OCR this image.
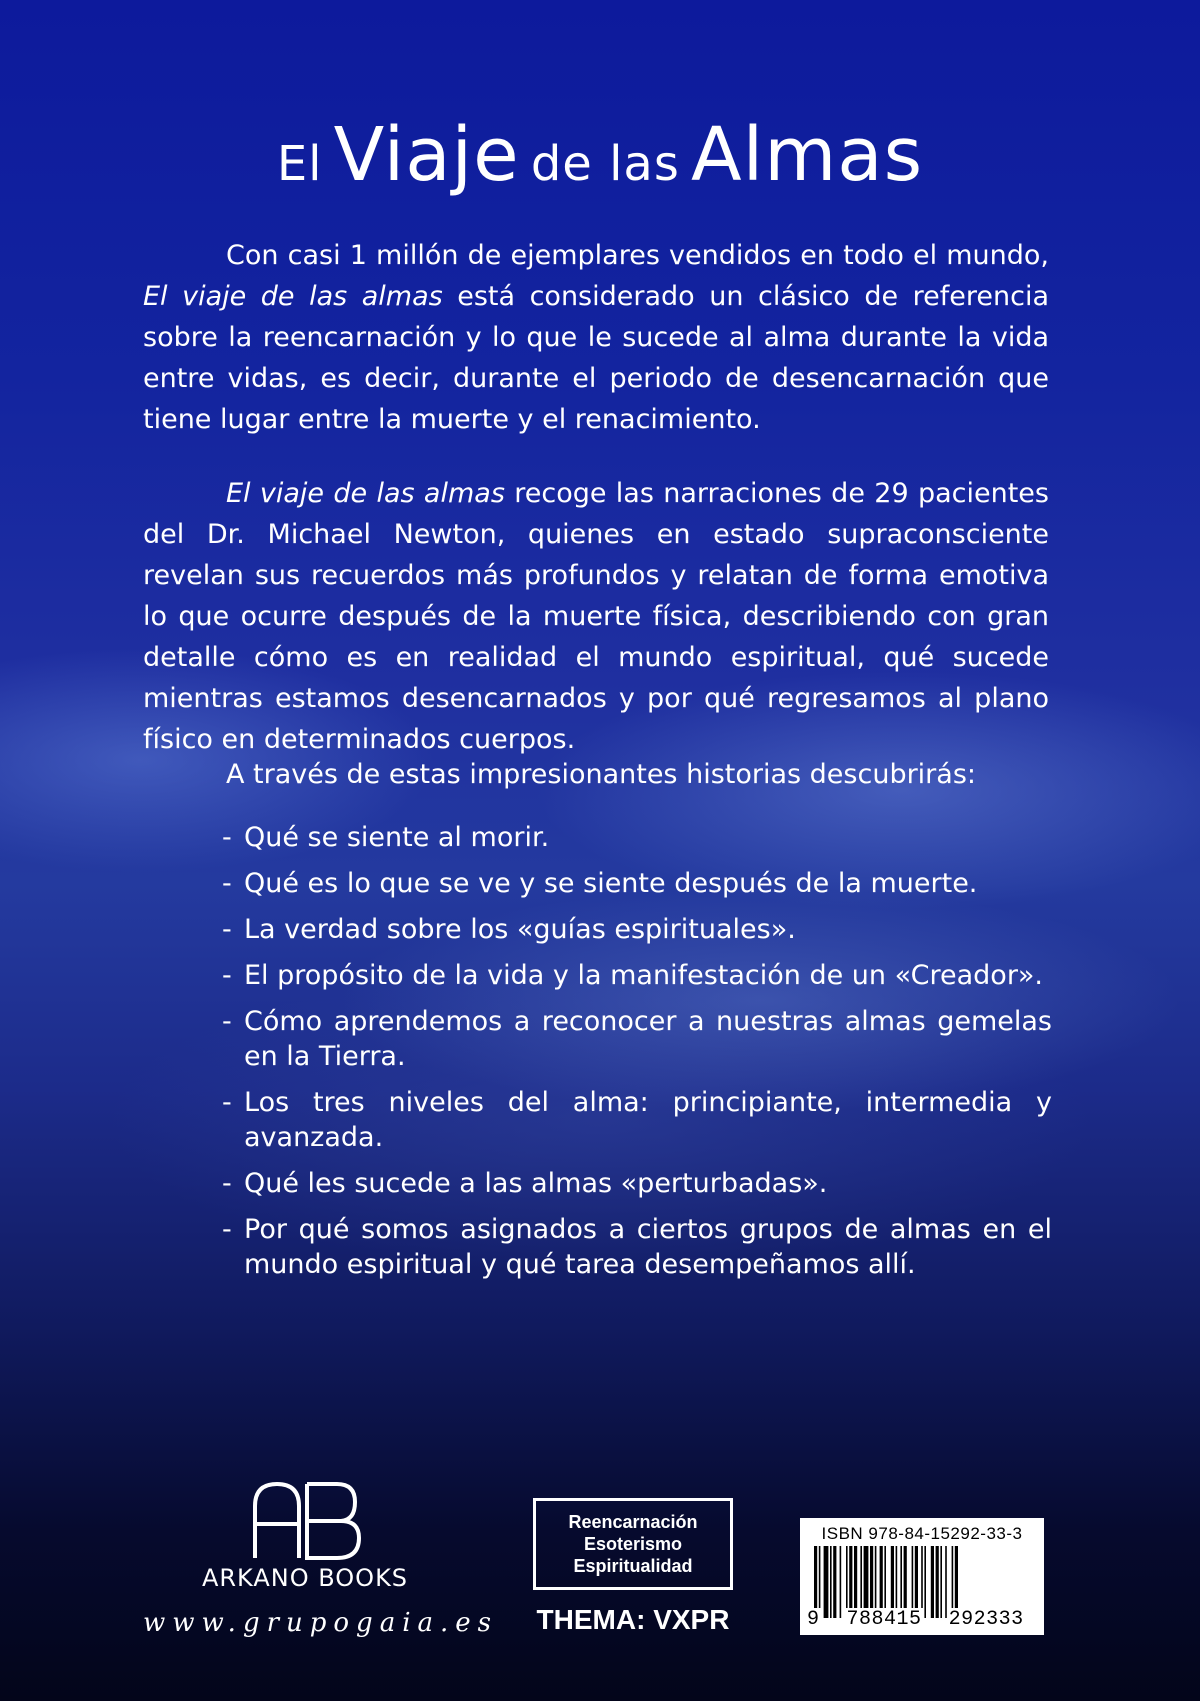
El Viaje de las Almas

Con casi 1 millón de ejemplares vendidos en todo el mundo, El viaje de las almas está considerado un clásico de referencia sobre la reencarnación y lo que le sucede al alma durante la vida entre vidas, es decir, durante el periodo de desencarnación que tiene lugar entre la muerte y el renacimiento.

El viaje de las almas recoge las narraciones de 29 pacientes del Dr. Michael Newton, quienes en estado supraconsciente revelan sus recuerdos más profundos y relatan de forma emotiva lo que ocurre después de la muerte física, describiendo con gran detalle cómo es en realidad el mundo espiritual, qué sucede mientras estamos desencarnados y por qué regresamos al plano físico en determinados cuerpos.

A través de estas impresionantes historias descubrirás:

- Qué se siente al morir.
- Qué es lo que se ve y se siente después de la muerte.
- La verdad sobre los «guías espirituales».
- El propósito de la vida y la manifestación de un «Creador».
- Cómo aprendemos a reconocer a nuestras almas gemelas en la Tierra.
- Los tres niveles del alma: principiante, intermedia y avanzada.
- Qué les sucede a las almas «perturbadas».
- Por qué somos asignados a ciertos grupos de almas en el mundo espiritual y qué tarea desempeñamos allí.
ARKANO BOOKS
www.grupogaia.es
Reencarnación
Esoterismo
Espiritualidad
THEMA: VXPR
ISBN 978-84-15292-33-3
9 788415 292333
